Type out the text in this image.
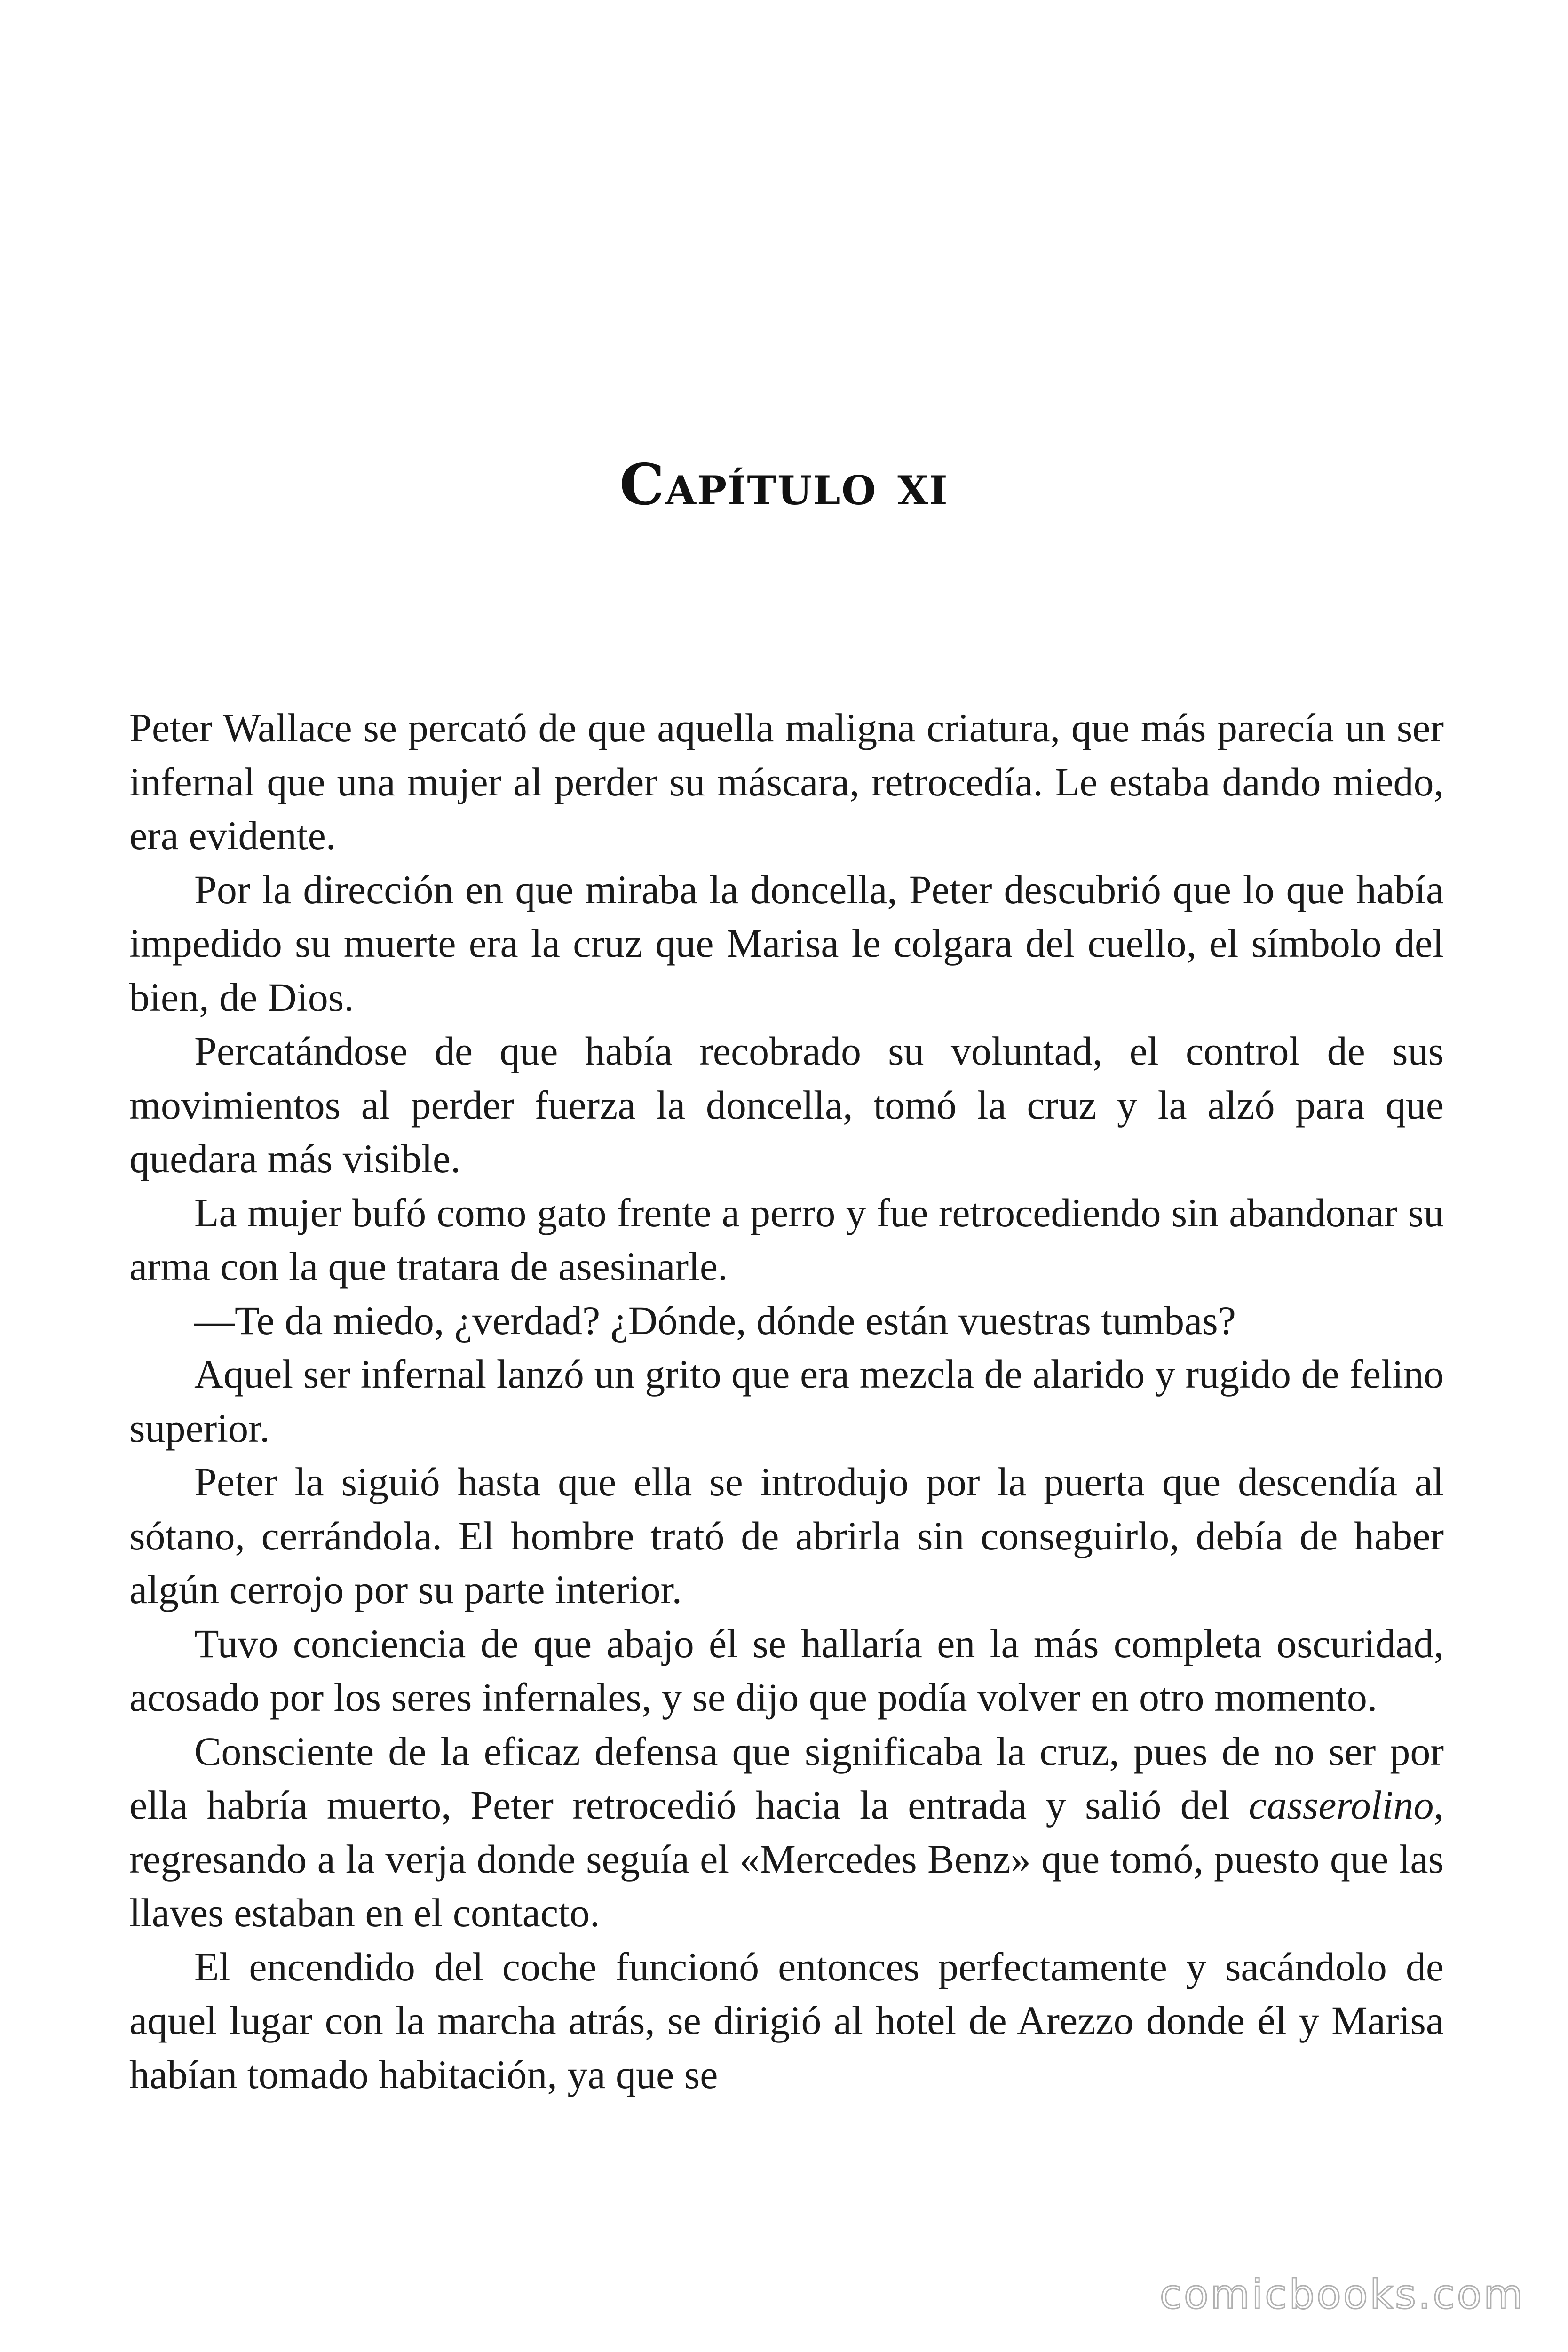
Capítulo xi

Peter Wallace se percató de que aquella maligna criatura, que más parecía un ser infernal que una mujer al perder su máscara, retrocedía. Le estaba dando miedo, era evidente.

Por la dirección en que miraba la doncella, Peter descubrió que lo que había impedido su muerte era la cruz que Marisa le colgara del cuello, el símbolo del bien, de Dios.

Percatándose de que había recobrado su voluntad, el control de sus movimientos al perder fuerza la doncella, tomó la cruz y la alzó para que quedara más visible.

La mujer bufó como gato frente a perro y fue retrocediendo sin abandonar su arma con la que tratara de asesinarle.

—Te da miedo, ¿verdad? ¿Dónde, dónde están vuestras tumbas?

Aquel ser infernal lanzó un grito que era mezcla de alarido y rugido de felino superior.

Peter la siguió hasta que ella se introdujo por la puerta que descendía al sótano, cerrándola. El hombre trató de abrirla sin conseguirlo, debía de haber algún cerrojo por su parte interior.

Tuvo conciencia de que abajo él se hallaría en la más completa oscuridad, acosado por los seres infernales, y se dijo que podía volver en otro momento.

Consciente de la eficaz defensa que significaba la cruz, pues de no ser por ella habría muerto, Peter retrocedió hacia la entrada y salió del casserolino, regresando a la verja donde seguía el «Mercedes Benz» que tomó, puesto que las llaves estaban en el contacto.

El encendido del coche funcionó entonces perfectamente y sacándolo de aquel lugar con la marcha atrás, se dirigió al hotel de Arezzo donde él y Marisa habían tomado habitación, ya que se

comicbooks.com
